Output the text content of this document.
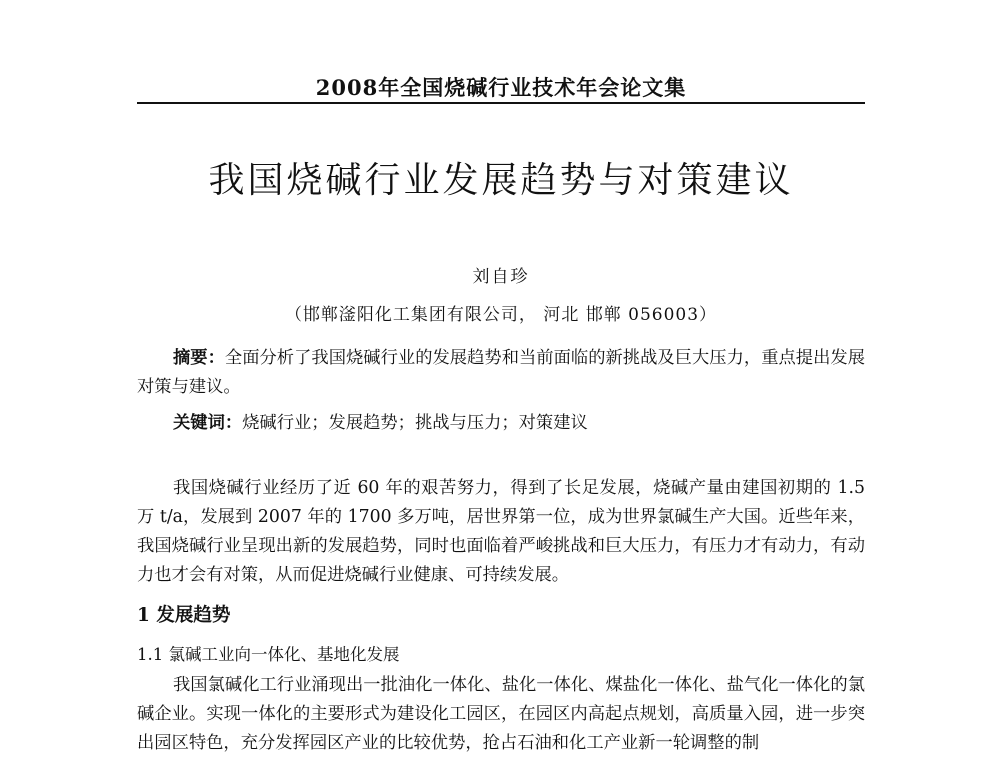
2008年全国烧碱行业技术年会论文集
我国烧碱行业发展趋势与对策建议
刘自珍
（邯郸滏阳化工集团有限公司， 河北 邯郸 056003）
摘要：全面分析了我国烧碱行业的发展趋势和当前面临的新挑战及巨大压力，重点提出发展对策与建议。
关键词：烧碱行业；发展趋势；挑战与压力；对策建议
我国烧碱行业经历了近 60 年的艰苦努力，得到了长足发展，烧碱产量由建国初期的 1.5 万 t/a，发展到 2007 年的 1700 多万吨，居世界第一位，成为世界氯碱生产大国。近些年来，我国烧碱行业呈现出新的发展趋势，同时也面临着严峻挑战和巨大压力，有压力才有动力，有动力也才会有对策，从而促进烧碱行业健康、可持续发展。
1 发展趋势
1.1 氯碱工业向一体化、基地化发展
我国氯碱化工行业涌现出一批油化一体化、盐化一体化、煤盐化一体化、盐气化一体化的氯碱企业。实现一体化的主要形式为建设化工园区，在园区内高起点规划，高质量入园，进一步突出园区特色，充分发挥园区产业的比较优势，抢占石油和化工产业新一轮调整的制
